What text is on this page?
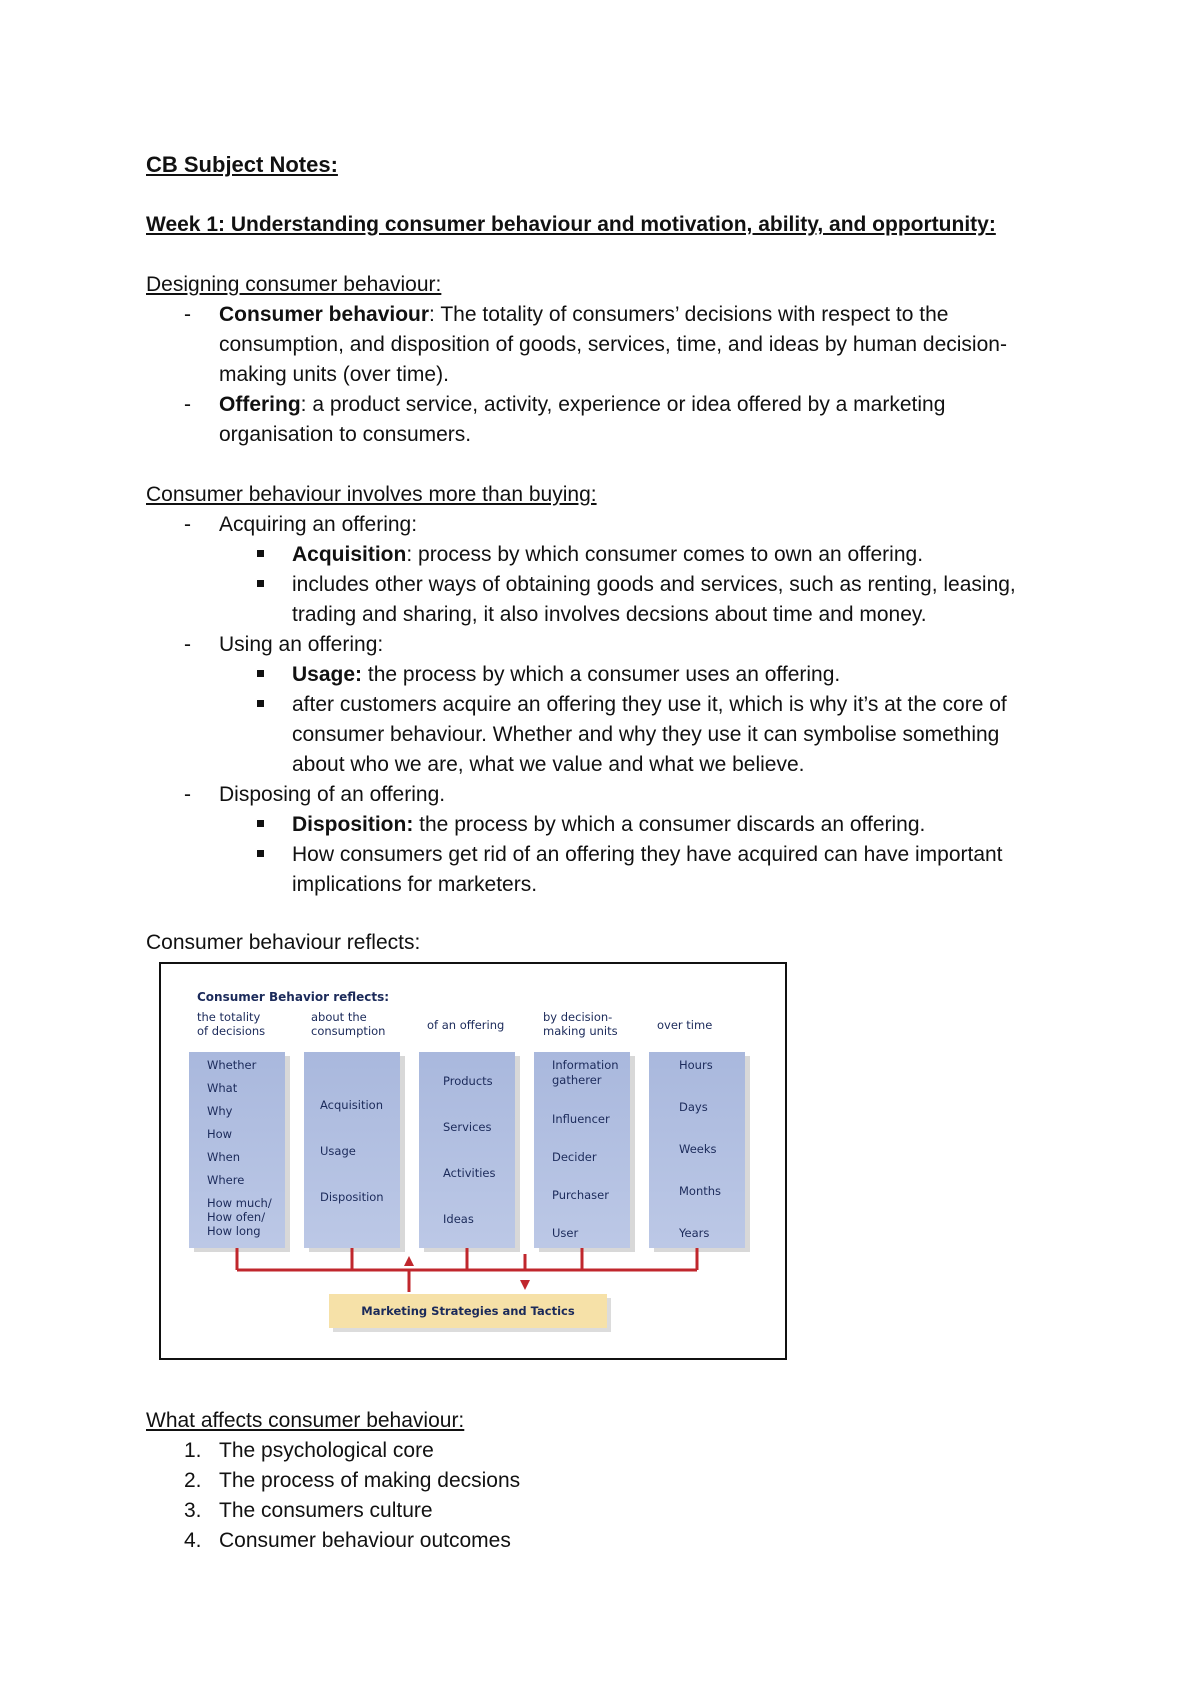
CB Subject Notes:
Week 1: Understanding consumer behaviour and motivation, ability, and opportunity:
Designing consumer behaviour:
- Consumer behaviour: The totality of consumers’ decisions with respect to the
consumption, and disposition of goods, services, time, and ideas by human decision-
making units (over time).
- Offering: a product service, activity, experience or idea offered by a marketing
organisation to consumers.
Consumer behaviour involves more than buying:
- Acquiring an offering:
Acquisition: process by which consumer comes to own an offering.
includes other ways of obtaining goods and services, such as renting, leasing,
trading and sharing, it also involves decsions about time and money.
- Using an offering:
Usage: the process by which a consumer uses an offering.
after customers acquire an offering they use it, which is why it’s at the core of
consumer behaviour. Whether and why they use it can symbolise something
about who we are, what we value and what we believe.
- Disposing of an offering.
Disposition: the process by which a consumer discards an offering.
How consumers get rid of an offering they have acquired can have important
implications for marketers.
Consumer behaviour reflects:
Consumer Behavior reflects:
the totality
of decisions
about the
consumption	of an offering
by decision-
making units	over time
Whether
What
Why
How
When
Where
How much/
How ofen/
How long
Acquisition
Usage
Disposition
Products
Services
Activities
Ideas
Information
gatherer
Influencer
Decider
Purchaser
User
Hours
Days
Weeks
Months
Years
Marketing Strategies and Tactics
What affects consumer behaviour:
1. The psychological core
2. The process of making decsions
3. The consumers culture
4. Consumer behaviour outcomes
